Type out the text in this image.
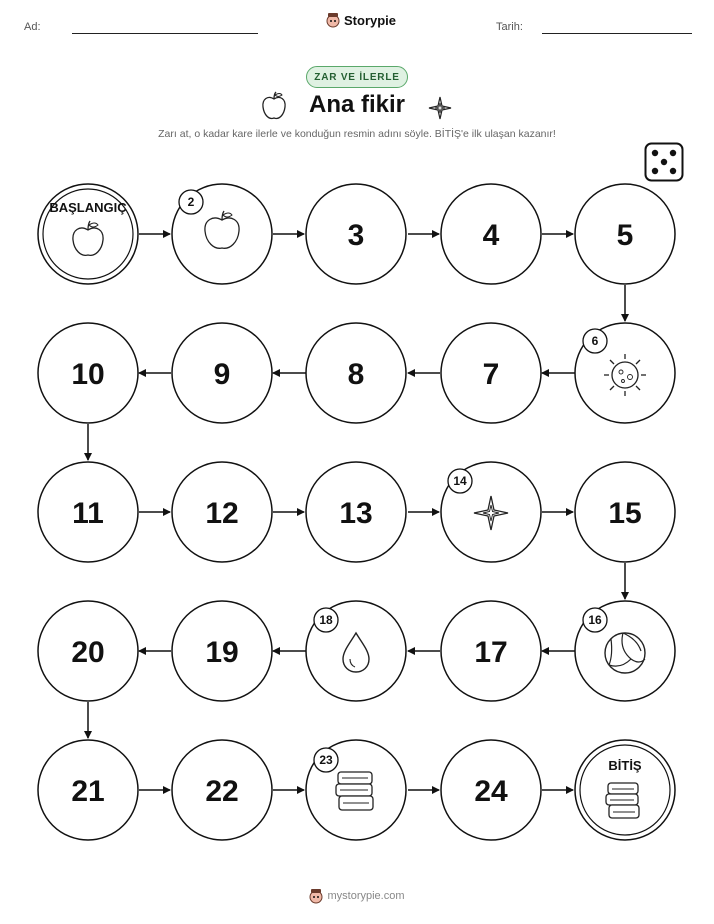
Ad:	Storypie	Tarih:
ZAR VE İLERLE
Ana fikir
Zarı at, o kadar kare ilerle ve konduğun resmin adını söyle. BİTİŞ'e ilk ulaşan kazanır!
BAŞLANGIÇ	2
3	4	5
6
7
8
9
10
11	12	13
14
15
16
17
18
19
20
21	22
23
24
BİTİŞ
mystorypie.com
